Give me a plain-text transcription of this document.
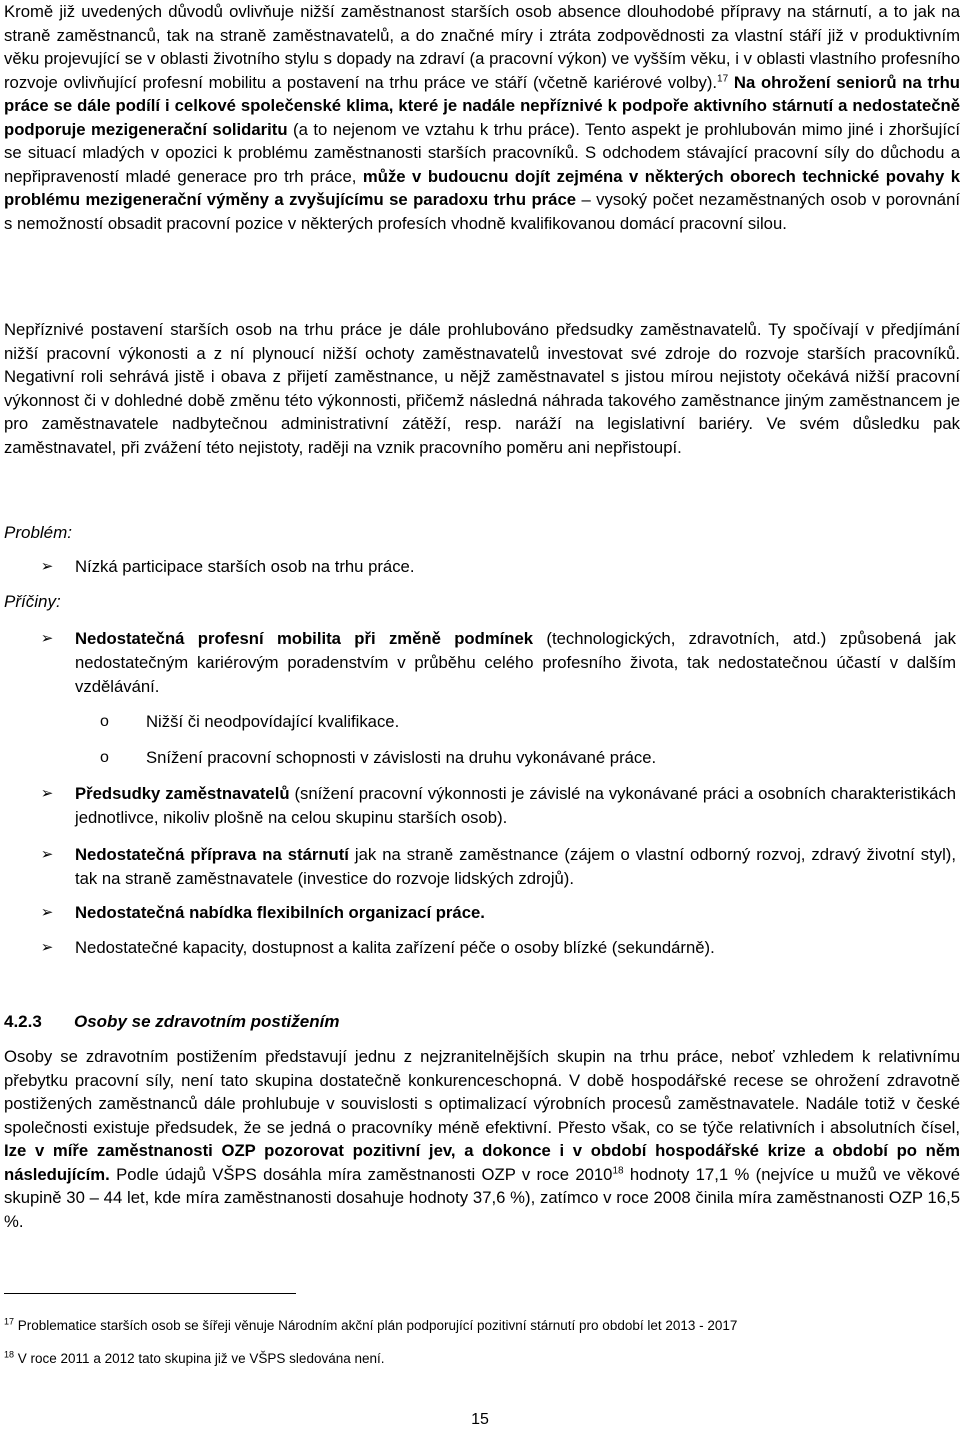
Kromě již uvedených důvodů ovlivňuje nižší zaměstnanost starších osob absence dlouhodobé přípravy na stárnutí, a to jak na straně zaměstnanců, tak na straně zaměstnavatelů, a do značné míry i ztráta zodpovědnosti za vlastní stáří již v produktivním věku projevující se v oblasti životního stylu s dopady na zdraví (a pracovní výkon) ve vyšším věku, i v oblasti vlastního profesního rozvoje ovlivňující profesní mobilitu a postavení na trhu práce ve stáří (včetně kariérové volby).$^{17}$ Na ohrožení seniorů na trhu práce se dále podílí i celkové společenské klima, které je nadále nepříznivé k podpoře aktivního stárnutí a nedostatečně podporuje mezigenerační solidaritu (a to nejenom ve vztahu k trhu práce). Tento aspekt je prohlubován mimo jiné i zhoršující se situací mladých v opozici k problému zaměstnanosti starších pracovníků. S odchodem stávající pracovní síly do důchodu a nepřipraveností mladé generace pro trh práce, může v budoucnu dojít zejména v některých oborech technické povahy k problému mezigenerační výměny a zvyšujícímu se paradoxu trhu práce – vysoký počet nezaměstnaných osob v porovnání s nemožností obsadit pracovní pozice v některých profesích vhodně kvalifikovanou domácí pracovní silou.

Nepříznivé postavení starších osob na trhu práce je dále prohlubováno předsudky zaměstnavatelů. Ty spočívají v předjímání nižší pracovní výkonosti a z ní plynoucí nižší ochoty zaměstnavatelů investovat své zdroje do rozvoje starších pracovníků. Negativní roli sehrává jistě i obava z přijetí zaměstnance, u nějž zaměstnavatel s jistou mírou nejistoty očekává nižší pracovní výkonnost či v dohledné době změnu této výkonnosti, přičemž následná náhrada takového zaměstnance jiným zaměstnancem je pro zaměstnavatele nadbytečnou administrativní zátěží, resp. naráží na legislativní bariéry. Ve svém důsledku pak zaměstnavatel, při zvážení této nejistoty, raději na vznik pracovního poměru ani nepřistoupí.

Problém:
➢ Nízká participace starších osob na trhu práce.
Příčiny:
➢ Nedostatečná profesní mobilita při změně podmínek (technologických, zdravotních, atd.) způsobená jak nedostatečným kariérovým poradenstvím v průběhu celého profesního života, tak nedostatečnou účastí v dalším vzdělávání.
o Nižší či neodpovídající kvalifikace.
o Snížení pracovní schopnosti v závislosti na druhu vykonávané práce.
➢ Předsudky zaměstnavatelů (snížení pracovní výkonnosti je závislé na vykonávané práci a osobních charakteristikách jednotlivce, nikoliv plošně na celou skupinu starších osob).
➢ Nedostatečná příprava na stárnutí jak na straně zaměstnance (zájem o vlastní odborný rozvoj, zdravý životní styl), tak na straně zaměstnavatele (investice do rozvoje lidských zdrojů).
➢ Nedostatečná nabídka flexibilních organizací práce.
➢ Nedostatečné kapacity, dostupnost a kalita zařízení péče o osoby blízké (sekundárně).
4.2.3 Osoby se zdravotním postižením

Osoby se zdravotním postižením představují jednu z nejzranitelnějších skupin na trhu práce, neboť vzhledem k relativnímu přebytku pracovní síly, není tato skupina dostatečně konkurenceschopná. V době hospodářské recese se ohrožení zdravotně postižených zaměstnanců dále prohlubuje v souvislosti s optimalizací výrobních procesů zaměstnavatele. Nadále totiž v české společnosti existuje předsudek, že se jedná o pracovníky méně efektivní. Přesto však, co se týče relativních i absolutních čísel, Ize v míře zaměstnanosti OZP pozorovat pozitivní jev, a dokonce i v období hospodářské krize a období po něm následujícím. Podle údajů VŠPS dosáhla míra zaměstnanosti OZP v roce 2010$^{18}$ hodnoty 17,1 % (nejvíce u mužů ve věkové skupině 30 – 44 let, kde míra zaměstnanosti dosahuje hodnoty 37,6 %), zatímco v roce 2008 činila míra zaměstnanosti OZP 16,5 %.

$^{17}$ Problematice starších osob se šířeji věnuje Národním akční plán podporující pozitivní stárnutí pro období let 2013 - 2017
$^{18}$ V roce 2011 a 2012 tato skupina již ve VŠPS sledována není.
15
